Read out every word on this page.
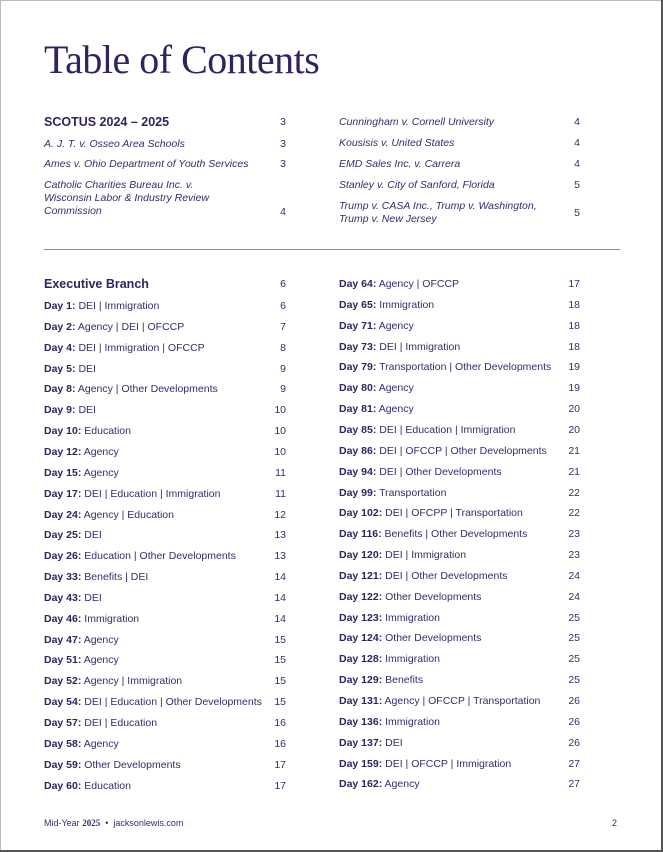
Table of Contents
SCOTUS 2024 – 2025	3
A. J. T. v. Osseo Area Schools	3
Ames v. Ohio Department of Youth Services	3
Catholic Charities Bureau Inc. v. Wisconsin Labor & Industry Review Commission	4
Cunningham v. Cornell University	4
Kousisis v. United States	4
EMD Sales Inc. v. Carrera	4
Stanley v. City of Sanford, Florida	5
Trump v. CASA Inc., Trump v. Washington, Trump v. New Jersey	5
Executive Branch	6
Day 1: DEI | Immigration	6
Day 2: Agency | DEI | OFCCP	7
Day 4: DEI | Immigration | OFCCP	8
Day 5: DEI	9
Day 8: Agency | Other Developments	9
Day 9: DEI	10
Day 10: Education	10
Day 12: Agency	10
Day 15: Agency	11
Day 17: DEI | Education | Immigration	11
Day 24: Agency | Education	12
Day 25: DEI	13
Day 26: Education | Other Developments	13
Day 33: Benefits | DEI	14
Day 43: DEI	14
Day 46: Immigration	14
Day 47: Agency	15
Day 51: Agency	15
Day 52: Agency | Immigration	15
Day 54: DEI | Education | Other Developments	15
Day 57: DEI | Education	16
Day 58: Agency	16
Day 59: Other Developments	17
Day 60: Education	17
Day 64: Agency | OFCCP	17
Day 65: Immigration	18
Day 71: Agency	18
Day 73: DEI | Immigration	18
Day 79: Transportation | Other Developments	19
Day 80: Agency	19
Day 81: Agency	20
Day 85: DEI | Education | Immigration	20
Day 86: DEI | OFCCP | Other Developments	21
Day 94: DEI | Other Developments	21
Day 99: Transportation	22
Day 102: DEI | OFCPP | Transportation	22
Day 116: Benefits | Other Developments	23
Day 120: DEI | Immigration	23
Day 121: DEI | Other Developments	24
Day 122: Other Developments	24
Day 123: Immigration	25
Day 124: Other Developments	25
Day 128: Immigration	25
Day 129: Benefits	25
Day 131: Agency | OFCCP | Transportation	26
Day 136: Immigration	26
Day 137: DEI	26
Day 159: DEI | OFCCP | Immigration	27
Day 162: Agency	27
Mid-Year 2025 • jacksonlewis.com	2
